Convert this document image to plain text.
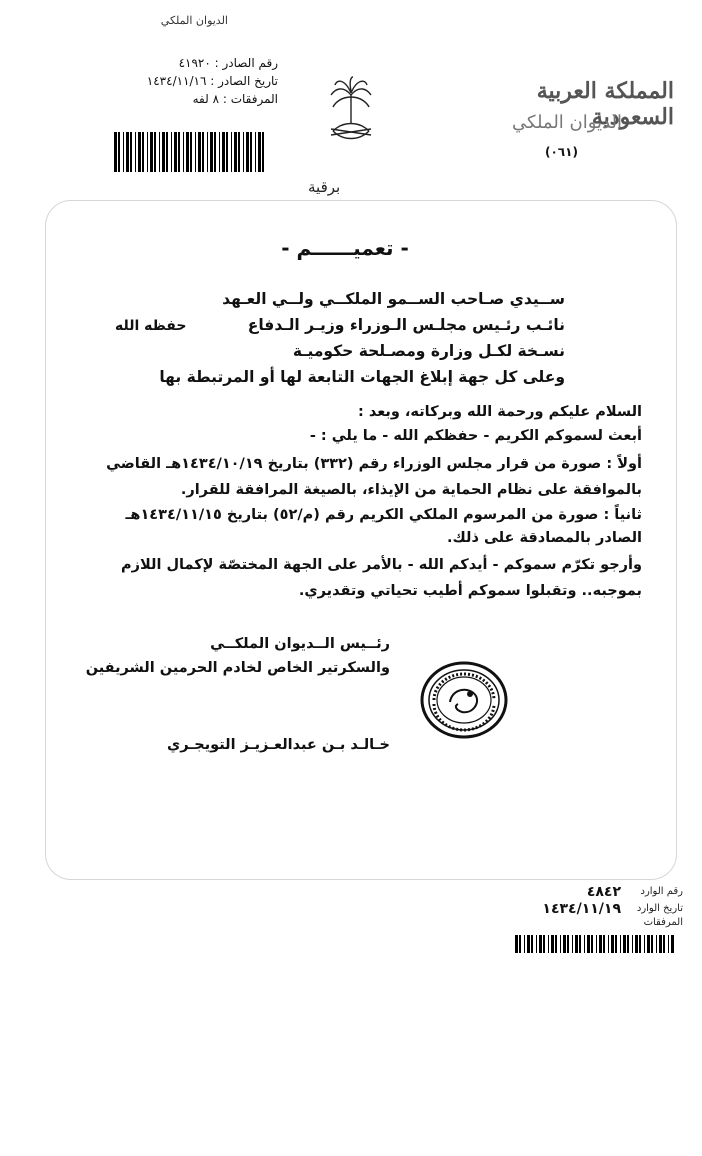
الديوان الملكي
رقم الصادر : ٤١٩٢٠
تاريخ الصادر : ١٤٣٤/١١/١٦
المرفقات : ٨ لفه	المملكة العربية السعودية
الديوان الملكي
(٠٦١)
برقية
- تعميــــــم -
ســيدي صـاحب الســمو الملكــي ولــي العـهد
نائـب رئـيس مجلـس الـوزراء وزيـر الـدفاع
نسـخة لكـل وزارة ومصـلحة حكوميـة
وعلى كل جهة إبلاغ الجهات التابعة لها أو المرتبطة بها
حفظه الله
السلام عليكم ورحمة الله وبركاته، وبعد :
أبعث لسموكم الكريم - حفظكم الله - ما يلي : -
أولاً : صورة من قرار مجلس الوزراء رقم (٣٣٢) بتاريخ ١٤٣٤/١٠/١٩هـ القاضي
بالموافقة على نظام الحماية من الإيذاء، بالصيغة المرافقة للقرار.
ثانياً : صورة من المرسوم الملكي الكريم رقم (م/٥٢) بتاريخ ١٤٣٤/١١/١٥هـ
الصادر بالمصادقة على ذلك.
وأرجو تكرّم سموكم - أيدكم الله - بالأمر على الجهة المختصّة لإكمال اللازم
بموجبه.. وتقبلوا سموكم أطيب تحياتي وتقديري.
رئــيس الــديوان الملكــي
والسكرتير الخاص لخادم الحرمين الشريفين
خـالـد بـن عبدالعـزيـز التويجـري
رقم الوارد
٤٨٤٢
تاريخ الوارد
١٤٣٤/١١/١٩
المرفقات
